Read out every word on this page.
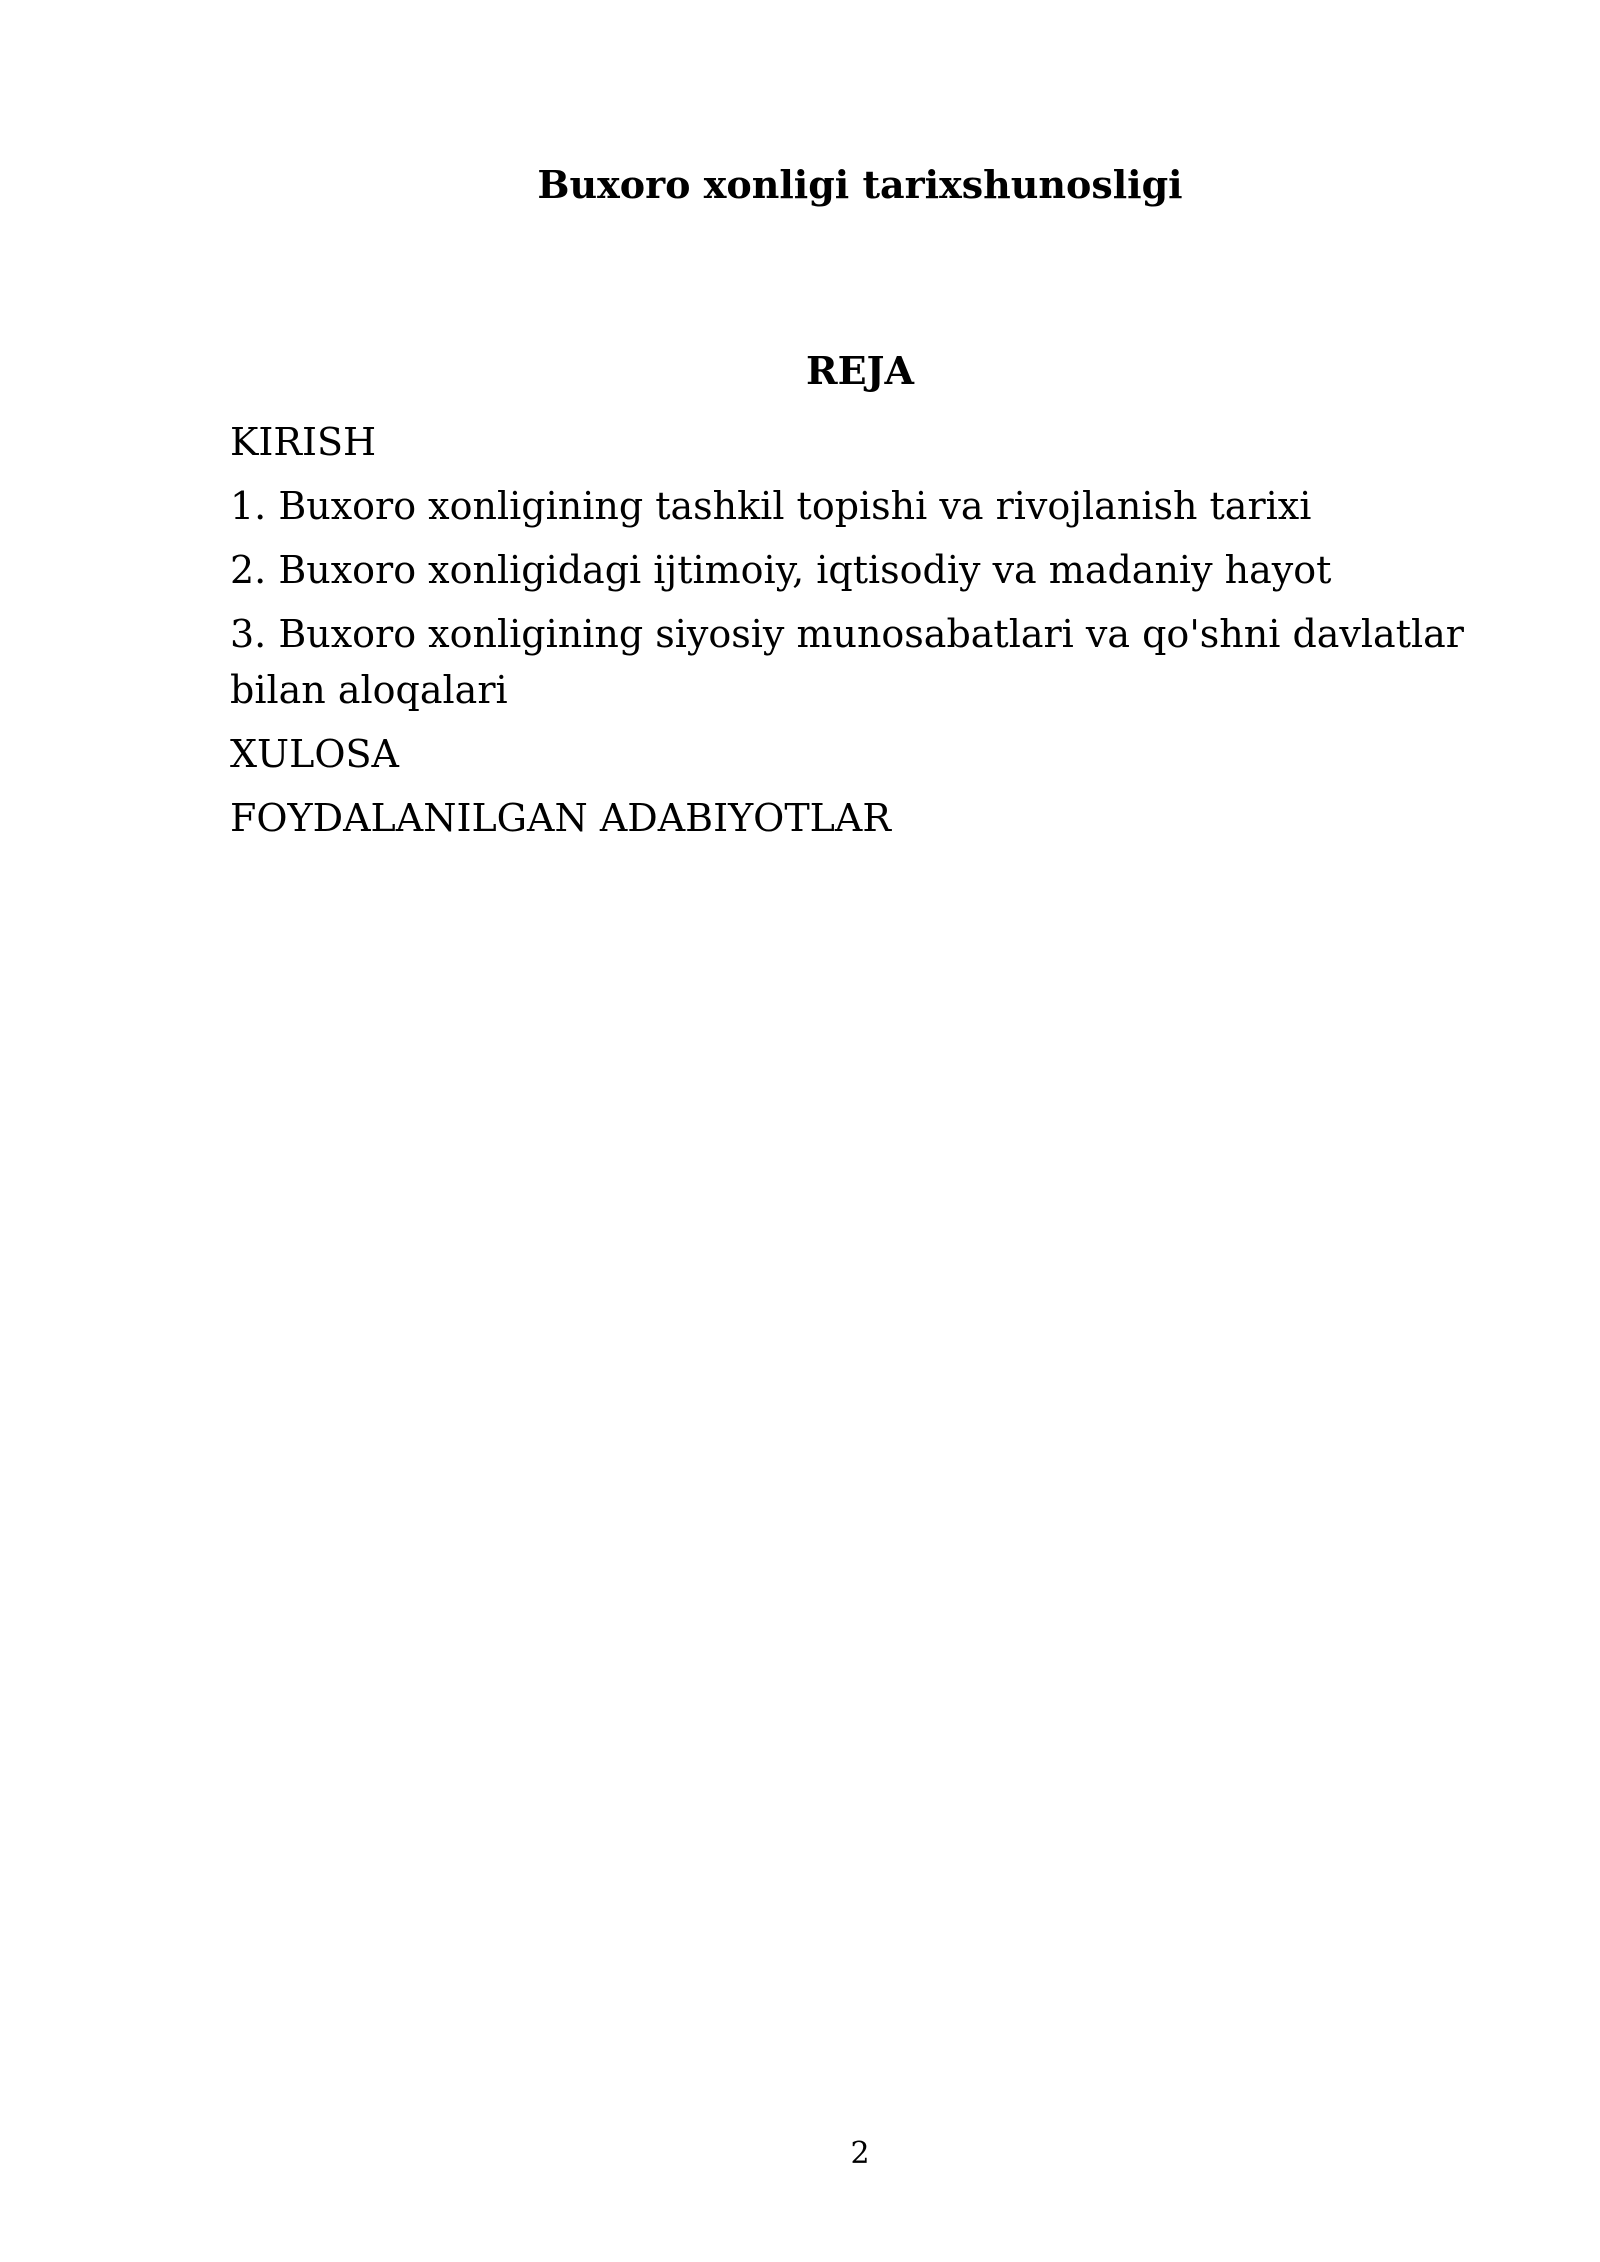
Buxoro xonligi tarixshunosligi
REJA
KIRISH
1. Buxoro xonligining tashkil topishi va rivojlanish tarixi
2. Buxoro xonligidagi ijtimoiy, iqtisodiy va madaniy hayot
3. Buxoro xonligining siyosiy munosabatlari va qo'shni davlatlar bilan aloqalari
XULOSA
FOYDALANILGAN ADABIYOTLAR
2
